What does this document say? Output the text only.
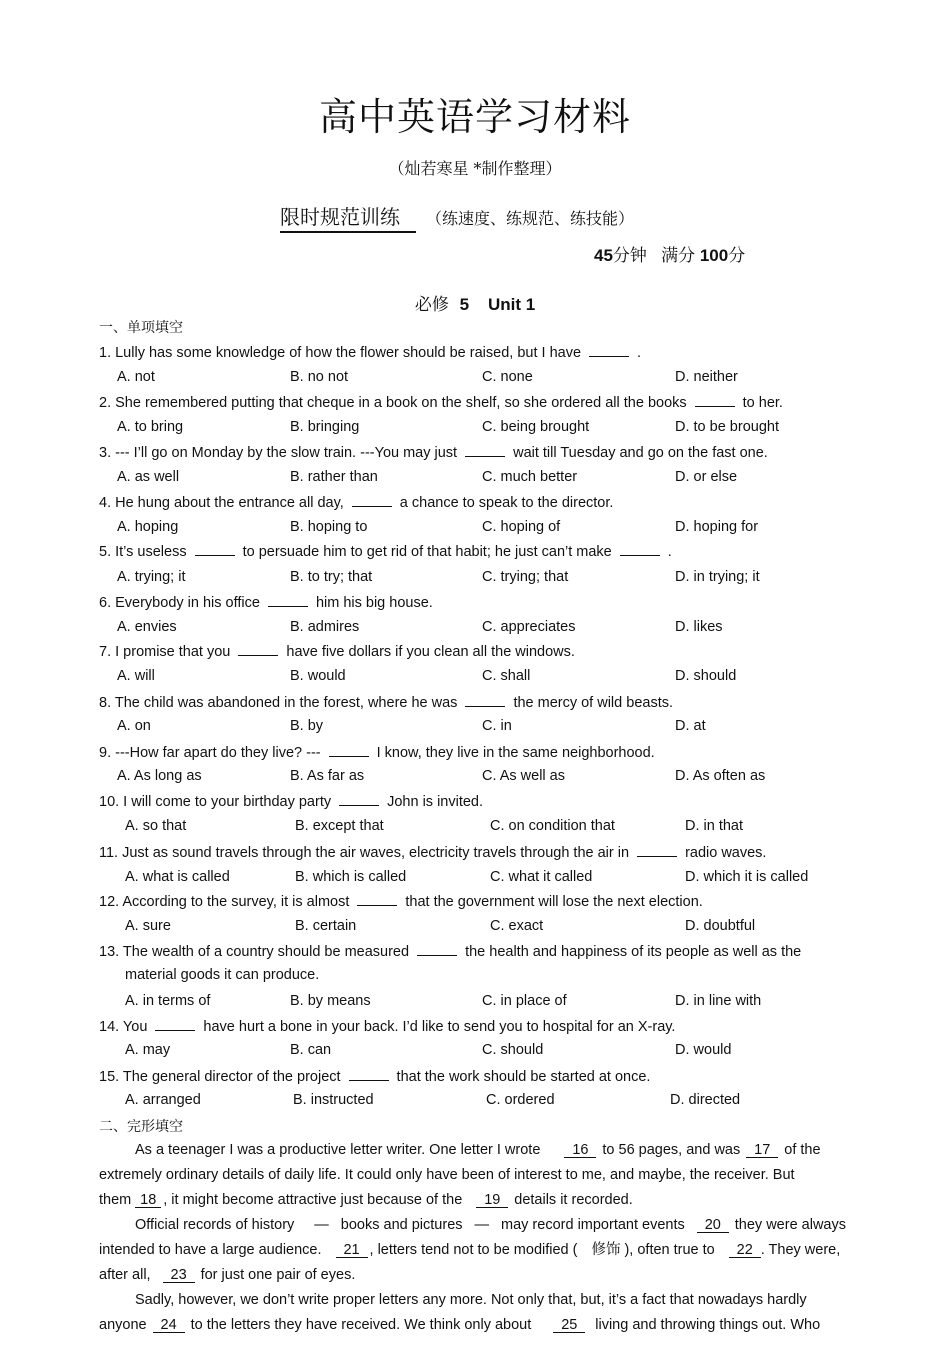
高中英语学习材料
（灿若寒星 *制作整理）
限时规范训练 （练速度、练规范、练技能）
45分钟 满分 100分
必修 5 Unit 1
一、单项填空
1. Lully has some knowledge of how the flower should be raised, but I have	.
A. not	B. no not	C. none	D. neither
2. She remembered putting that cheque in a book on the shelf, so she ordered all the books	to her.
A. to bring	B. bringing	C. being brought	D. to be brought
3. --- I’ll go on Monday by the slow train. ---You may just	wait till Tuesday and go on the fast one.
A. as well	B. rather than	C. much better	D. or else
4. He hung about the entrance all day,	a chance to speak to the director.
A. hoping	B. hoping to	C. hoping of	D. hoping for
5. It’s useless	to persuade him to get rid of that habit; he just can’t make	.
A. trying; it	B. to try; that	C. trying; that	D. in trying; it
6. Everybody in his office	him his big house.
A. envies	B. admires	C. appreciates	D. likes
7. I promise that you	have five dollars if you clean all the windows.
A. will	B. would	C. shall	D. should
8. The child was abandoned in the forest, where he was	the mercy of wild beasts.
A. on	B. by	C. in	D. at
9. ---How far apart do they live? ---	I know, they live in the same neighborhood.
A. As long as	B. As far as	C. As well as	D. As often as
10. I will come to your birthday party	John is invited.
A. so that	B. except that	C. on condition that	D. in that
11. Just as sound travels through the air waves, electricity travels through the air in	radio waves.
A. what is called	B. which is called	C. what it called	D. which it is called
12. According to the survey, it is almost	that the government will lose the next election.
A. sure	B. certain	C. exact	D. doubtful
13. The wealth of a country should be measured	the health and happiness of its people as well as the
material goods it can produce.
A. in terms of	B. by means	C. in place of	D. in line with
14. You	have hurt a bone in your back. I’d like to send you to hospital for an X-ray.
A. may	B. can	C. should	D. would
15. The general director of the project	that the work should be started at once.
A. arranged	B. instructed	C. ordered	D. directed
二、完形填空
As a teenager I was a productive letter writer. One letter I wrote 16 to 56 pages, and was 17 of the
extremely ordinary details of daily life. It could only have been of interest to me, and maybe, the receiver. But
them 18 , it might become attractive just because of the 19 details it recorded.
Official records of history — books and pictures — may record important events 20 they were always
intended to have a large audience. 21 , letters tend not to be modified ( 修饰 ), often true to 22 . They were,
after all, 23 for just one pair of eyes.
Sadly, however, we don’t write proper letters any more. Not only that, but, it’s a fact that nowadays hardly
anyone 24 to the letters they have received. We think only about 25 living and throwing things out. Who
